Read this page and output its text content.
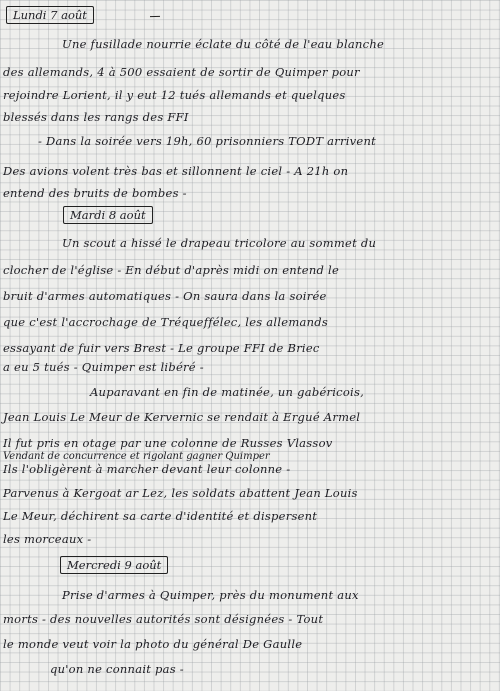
Lundi 7 août
Une fusillade nourrie éclate du côté de l'eau blanche
des allemands, 4 à 500 essaient de sortir de Quimper pour
rejoindre Lorient, il y eut 12 tués allemands et quelques
blessés dans les rangs des FFI
- Dans la soirée vers 19h, 60 prisonniers TODT arrivent
Des avions volent très bas et sillonnent le ciel - A 21h on
entend des bruits de bombes -
Mardi 8 août
Un scout a hissé le drapeau tricolore au sommet du
clocher de l'église - En début d'après midi on entend le
bruit d'armes automatiques - On saura dans la soirée
que c'est l'accrochage de Tréqueffélec, les allemands
essayant de fuir vers Brest - Le groupe FFI de Briec
a eu 5 tués - Quimper est libéré -
Auparavant en fin de matinée, un gabéricois,
Jean Louis Le Meur de Kervernic se rendait à Ergué Armel
Il fut pris en otage par une colonne de Russes Vlassov
Vendant de concurrence et rigolant gagner Quimper
Ils l'obligèrent à marcher devant leur colonne -
Parvenus à Kergoat ar Lez, les soldats abattent Jean Louis
Le Meur, déchirent sa carte d'identité et dispersent
les morceaux -
Mercredi 9 août
Prise d'armes à Quimper, près du monument aux
morts - des nouvelles autorités sont désignées - Tout
le monde veut voir la photo du général De Gaulle
qu'on ne connait pas -
